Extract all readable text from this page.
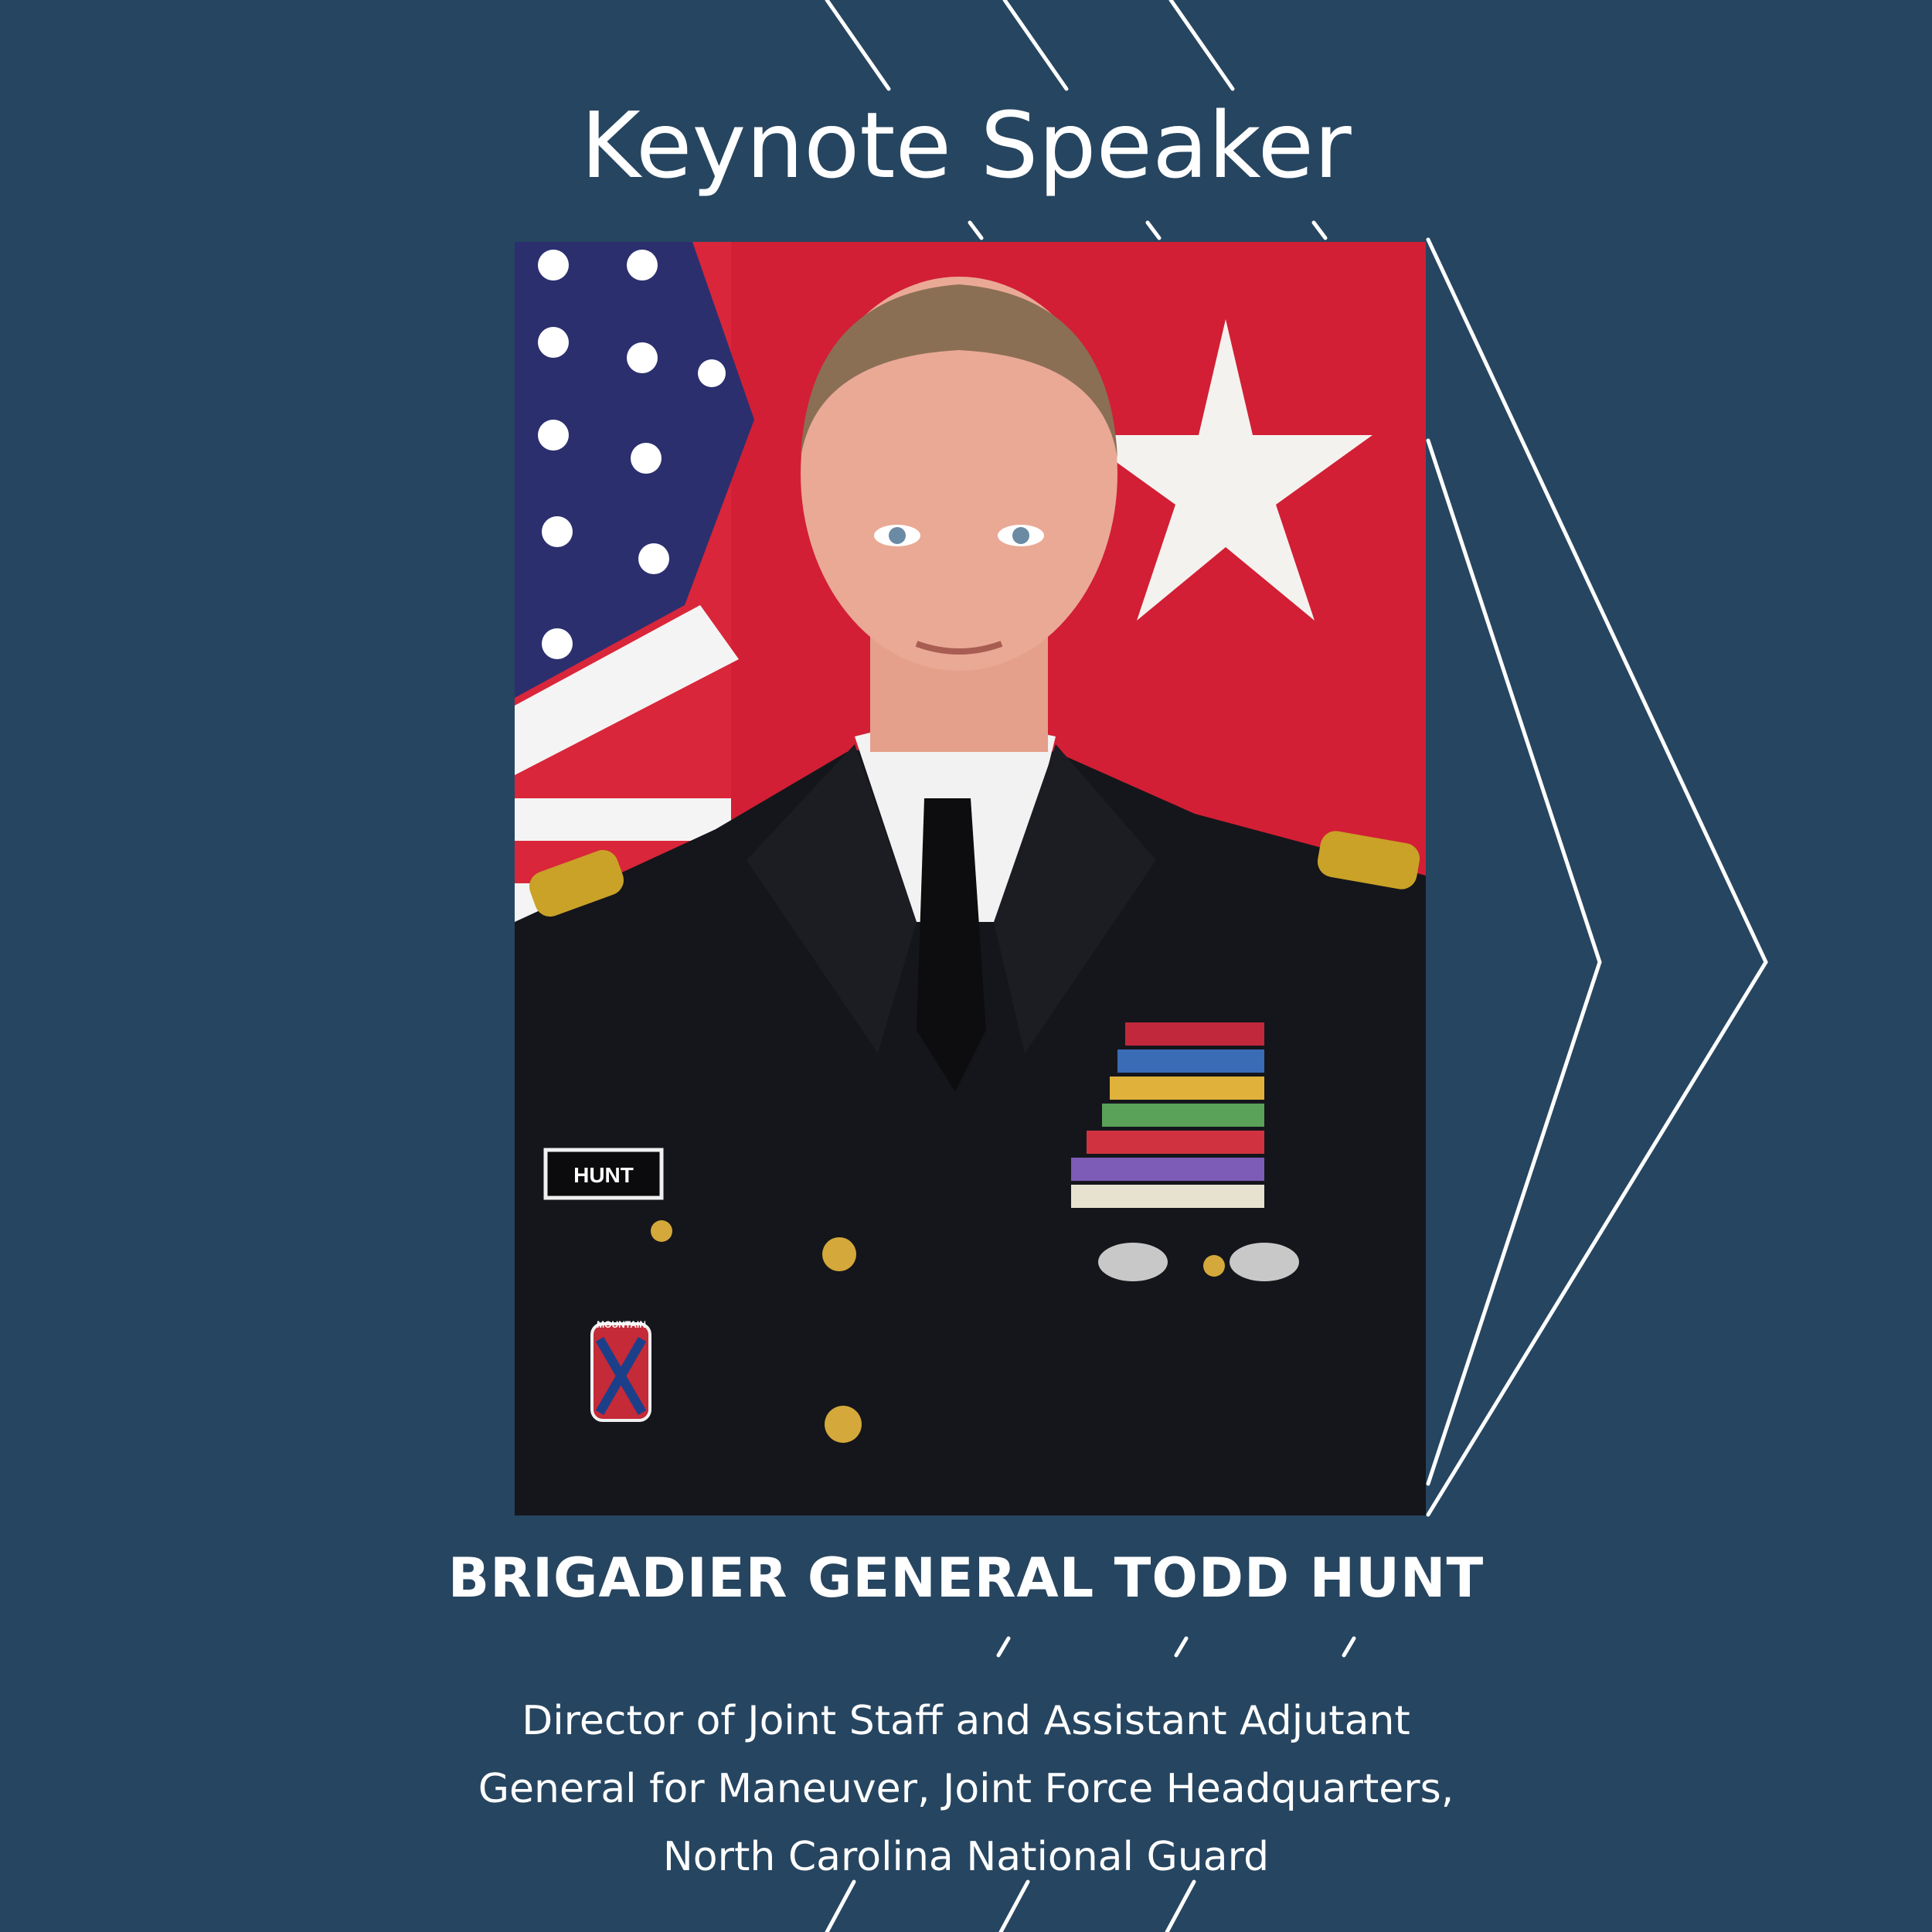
Keynote Speaker
HUNT
MOUNTAIN
BRIGADIER GENERAL TODD HUNT
Director of Joint Staff and Assistant Adjutant
General for Maneuver, Joint Force Headquarters,
North Carolina National Guard
